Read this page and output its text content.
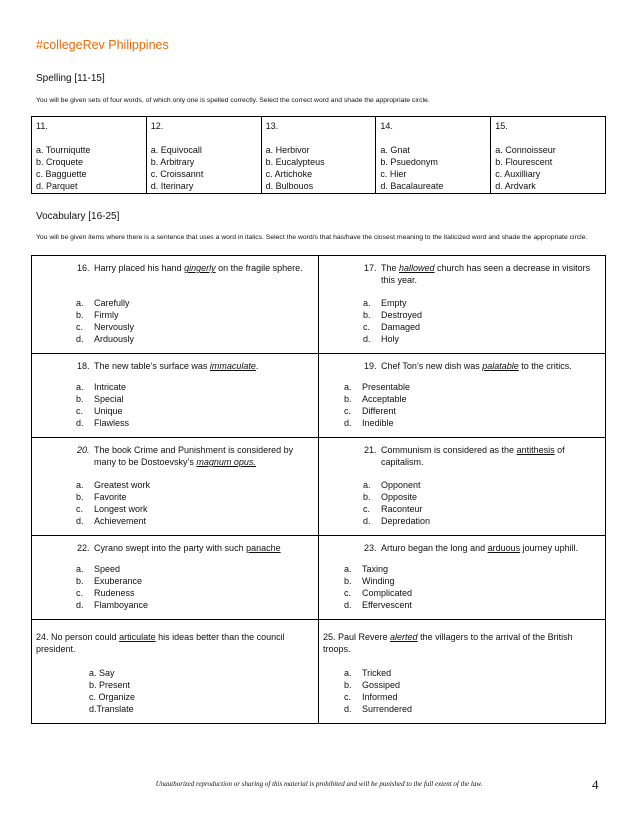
#collegeRev Philippines
Spelling [11-15]
You will be given sets of four words, of which only one is spelled correctly. Select the correct word and shade the appropriate circle.
11.
a. Tourniqutte
b. Croquete
c. Bagguette
d. Parquet

12.
a. Equivocall
b. Arbitrary
c. Croissannt
d. Iterinary

13.
a. Herbivor
b. Eucalypteus
c. Artichoke
d. Bulbouos

14.
a. Gnat
b. Psuedonym
c. Hier
d. Bacalaureate

15.
a. Connoisseur
b. Flourescent
c. Auxilliary
d. Ardvark
Vocabulary [16-25]
You will be given items where there is a sentence that uses a word in italics. Select the word/s that has/have the closest meaning to the italicized word and shade the appropriate circle.
16. Harry placed his hand gingerly on the fragile sphere.
a.	Carefully
b.	Firmly
c.	Nervously
d.	Arduously
17. The hallowed church has seen a decrease in visitors this year.
a.	Empty
b.	Destroyed
c.	Damaged
d.	Holy
18. The new table’s surface was immaculate.
a.	Intricate
b.	Special
c.	Unique
d.	Flawless
19. Chef Ton’s new dish was palatable to the critics.
a.	Presentable
b.	Acceptable
c.	Different
d.	Inedible
20. The book Crime and Punishment is considered by many to be Dostoevsky’s magnum opus.
a.	Greatest work
b.	Favorite
c.	Longest work
d.	Achievement
21. Communism is considered as the antithesis of capitalism.
a.	Opponent
b.	Opposite
c.	Raconteur
d.	Depredation
22. Cyrano swept into the party with such panache
a.	Speed
b.	Exuberance
c.	Rudeness
d.	Flamboyance
23. Arturo began the long and arduous journey uphill.
a.	Taxing
b.	Winding
c.	Complicated
d.	Effervescent
24. No person could articulate his ideas better than the council president.
a. Say
b. Present
c. Organize
d.Translate
25. Paul Revere alerted the villagers to the arrival of the British troops.
a.	Tricked
b.	Gossiped
c.	Informed
d.	Surrendered
Unauthorized reproduction or sharing of this material is prohibited and will be punished to the full extent of the law.	4
